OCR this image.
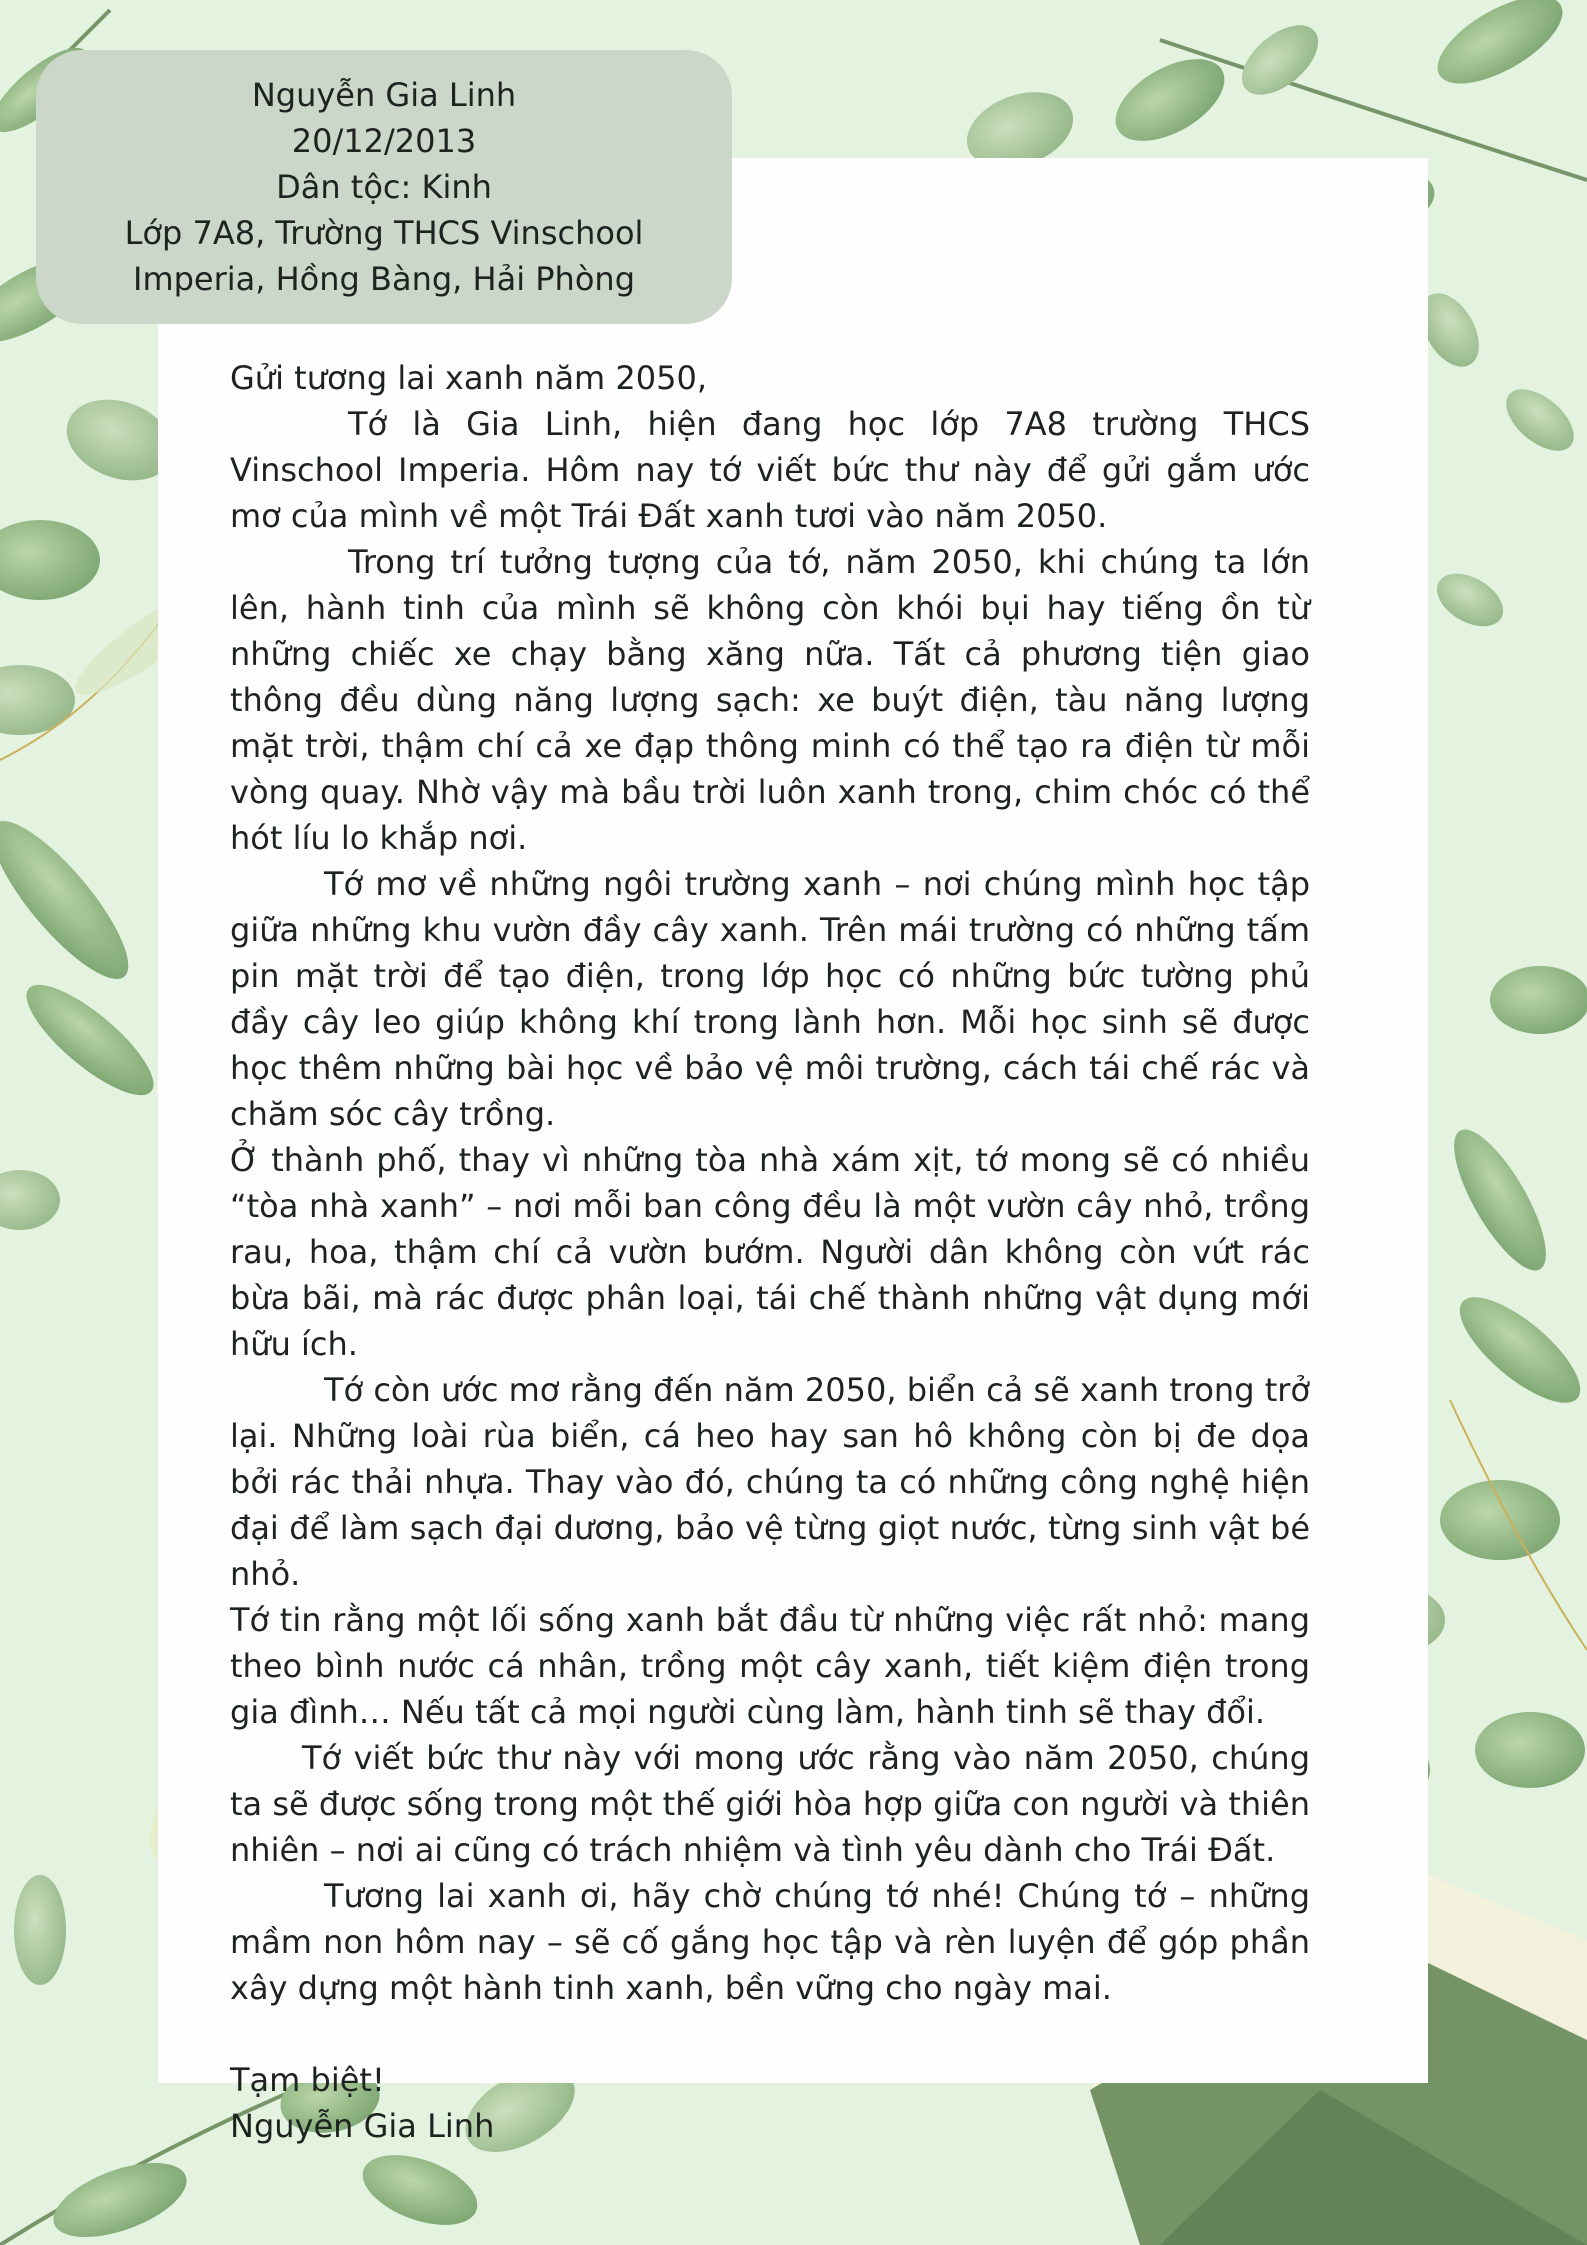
Nguyễn Gia Linh
20/12/2013
Dân tộc: Kinh
Lớp 7A8, Trường THCS Vinschool
Imperia, Hồng Bàng, Hải Phòng

Gửi tương lai xanh năm 2050,

Tớ là Gia Linh, hiện đang học lớp 7A8 trường THCS Vinschool Imperia. Hôm nay tớ viết bức thư này để gửi gắm ước mơ của mình về một Trái Đất xanh tươi vào năm 2050.

Trong trí tưởng tượng của tớ, năm 2050, khi chúng ta lớn lên, hành tinh của mình sẽ không còn khói bụi hay tiếng ồn từ những chiếc xe chạy bằng xăng nữa. Tất cả phương tiện giao thông đều dùng năng lượng sạch: xe buýt điện, tàu năng lượng mặt trời, thậm chí cả xe đạp thông minh có thể tạo ra điện từ mỗi vòng quay. Nhờ vậy mà bầu trời luôn xanh trong, chim chóc có thể hót líu lo khắp nơi.

Tớ mơ về những ngôi trường xanh – nơi chúng mình học tập giữa những khu vườn đầy cây xanh. Trên mái trường có những tấm pin mặt trời để tạo điện, trong lớp học có những bức tường phủ đầy cây leo giúp không khí trong lành hơn. Mỗi học sinh sẽ được học thêm những bài học về bảo vệ môi trường, cách tái chế rác và chăm sóc cây trồng.

Ở thành phố, thay vì những tòa nhà xám xịt, tớ mong sẽ có nhiều “tòa nhà xanh” – nơi mỗi ban công đều là một vườn cây nhỏ, trồng rau, hoa, thậm chí cả vườn bướm. Người dân không còn vứt rác bừa bãi, mà rác được phân loại, tái chế thành những vật dụng mới hữu ích.

Tớ còn ước mơ rằng đến năm 2050, biển cả sẽ xanh trong trở lại. Những loài rùa biển, cá heo hay san hô không còn bị đe dọa bởi rác thải nhựa. Thay vào đó, chúng ta có những công nghệ hiện đại để làm sạch đại dương, bảo vệ từng giọt nước, từng sinh vật bé nhỏ.

Tớ tin rằng một lối sống xanh bắt đầu từ những việc rất nhỏ: mang theo bình nước cá nhân, trồng một cây xanh, tiết kiệm điện trong gia đình… Nếu tất cả mọi người cùng làm, hành tinh sẽ thay đổi.

Tớ viết bức thư này với mong ước rằng vào năm 2050, chúng ta sẽ được sống trong một thế giới hòa hợp giữa con người và thiên nhiên – nơi ai cũng có trách nhiệm và tình yêu dành cho Trái Đất.

Tương lai xanh ơi, hãy chờ chúng tớ nhé! Chúng tớ – những mầm non hôm nay – sẽ cố gắng học tập và rèn luyện để góp phần xây dựng một hành tinh xanh, bền vững cho ngày mai.

Tạm biệt!

Nguyễn Gia Linh
